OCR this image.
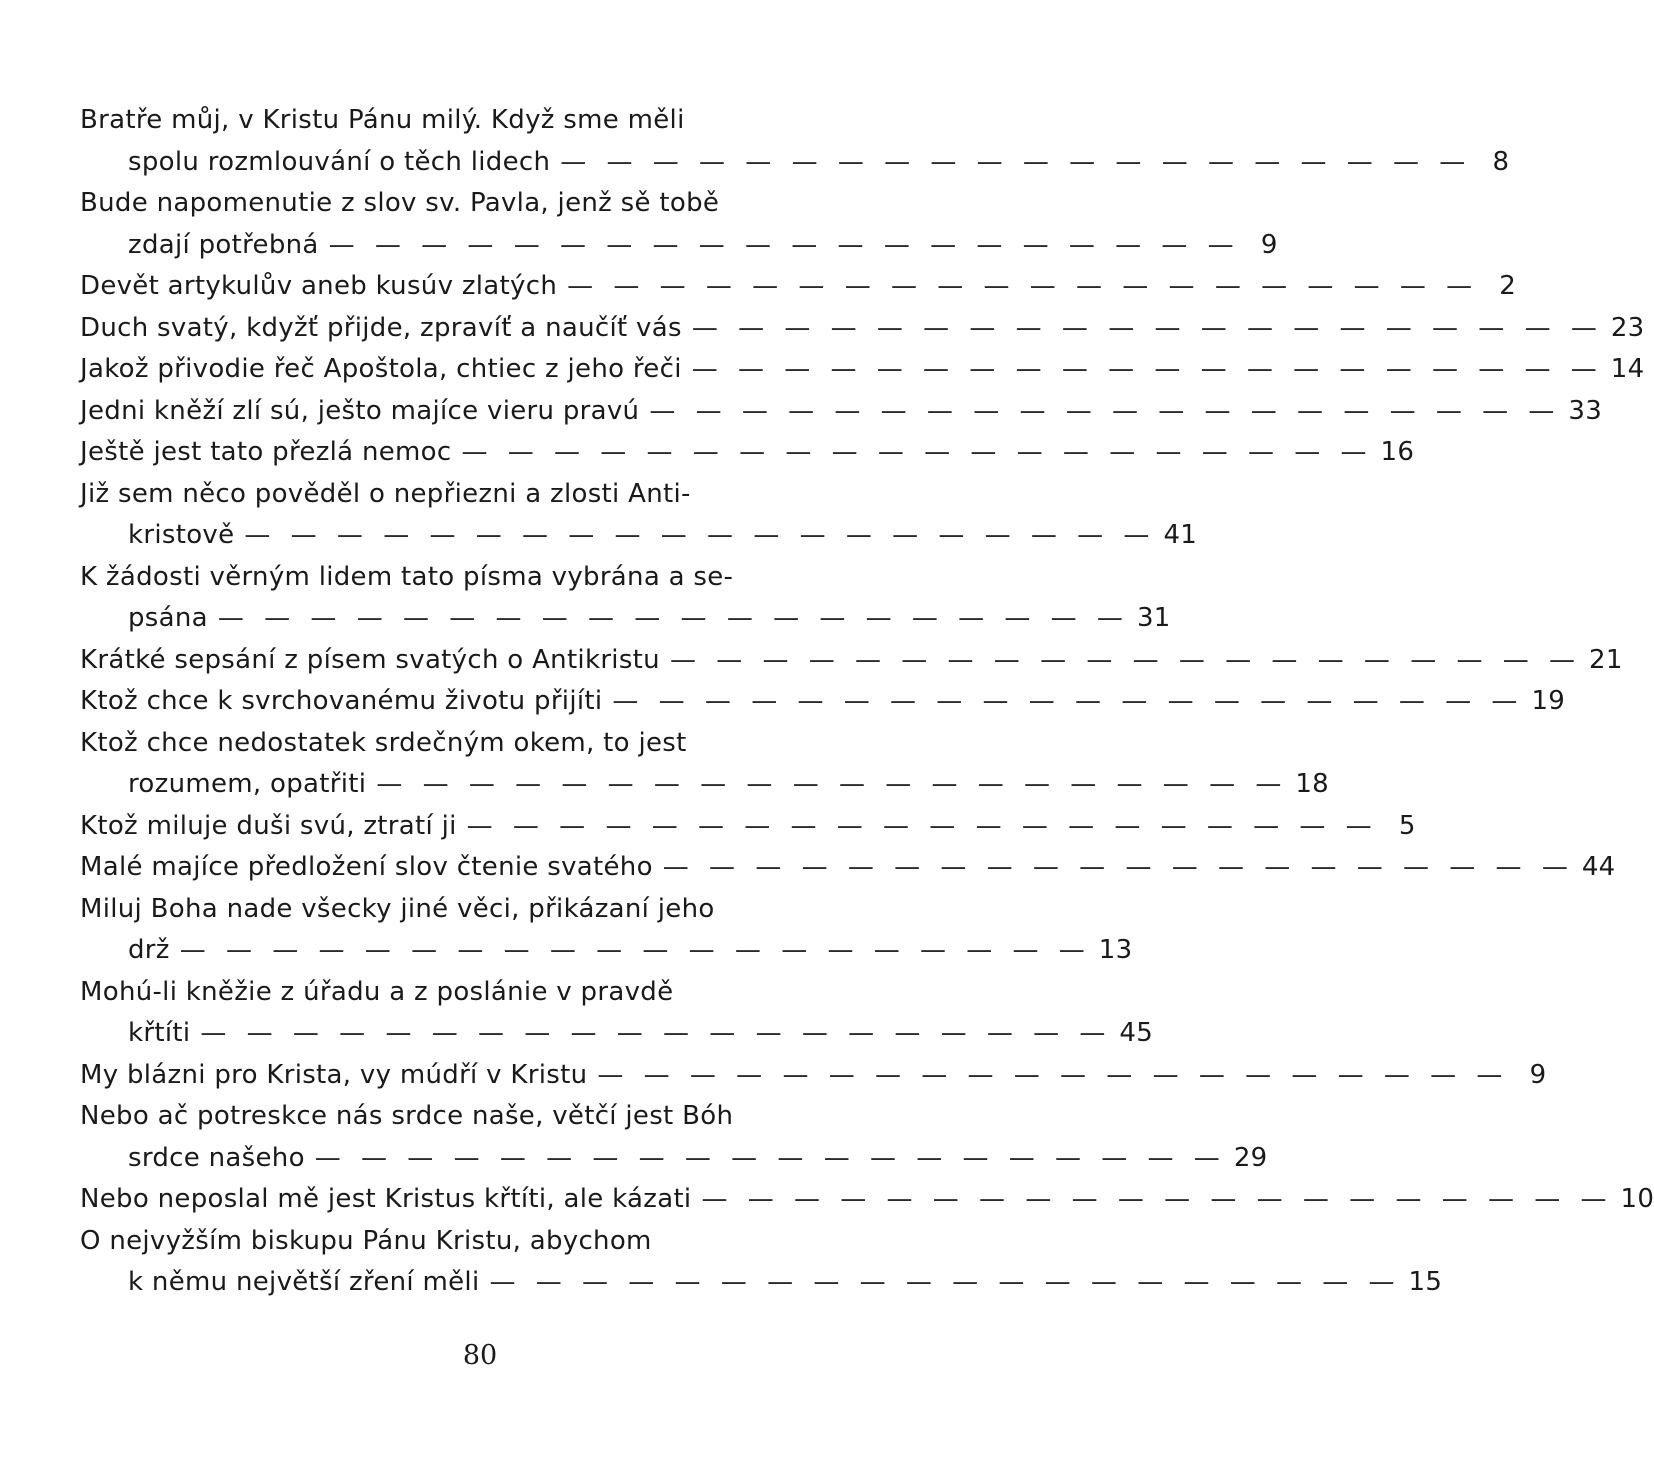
Bratře můj, v Kristu Pánu milý. Když sme měli
spolu rozmlouvání o těch lidech — — — — — — — — — — — — — — — — — — — — 8
Bude napomenutie z slov sv. Pavla, jenž sě tobě
zdají potřebná — — — — — — — — — — — — — — — — — — — — 9
Devět artykulův aneb kusúv zlatých — — — — — — — — — — — — — — — — — — — — 2
Duch svatý, kdyžť přijde, zpravíť a naučíť vás — — — — — — — — — — — — — — — — — — — — 23
Jakož přivodie řeč Apoštola, chtiec z jeho řeči — — — — — — — — — — — — — — — — — — — — 14
Jedni kněží zlí sú, ješto majíce vieru pravú — — — — — — — — — — — — — — — — — — — — 33
Ještě jest tato přezlá nemoc — — — — — — — — — — — — — — — — — — — — 16
Již sem něco pověděl o nepřiezni a zlosti Anti-
kristově — — — — — — — — — — — — — — — — — — — — 41
K žádosti věrným lidem tato písma vybrána a se-
psána — — — — — — — — — — — — — — — — — — — — 31
Krátké sepsání z písem svatých o Antikristu — — — — — — — — — — — — — — — — — — — — 21
Ktož chce k svrchovanému životu přijíti — — — — — — — — — — — — — — — — — — — — 19
Ktož chce nedostatek srdečným okem, to jest
rozumem, opatřiti — — — — — — — — — — — — — — — — — — — — 18
Ktož miluje duši svú, ztratí ji — — — — — — — — — — — — — — — — — — — — 5
Malé majíce předložení slov čtenie svatého — — — — — — — — — — — — — — — — — — — — 44
Miluj Boha nade všecky jiné věci, přikázaní jeho
drž — — — — — — — — — — — — — — — — — — — — 13
Mohú-li kněžie z úřadu a z poslánie v pravdě
křtíti — — — — — — — — — — — — — — — — — — — — 45
My blázni pro Krista, vy múdří v Kristu — — — — — — — — — — — — — — — — — — — — 9
Nebo ač potreskce nás srdce naše, větčí jest Bóh
srdce našeho — — — — — — — — — — — — — — — — — — — — 29
Nebo neposlal mě jest Kristus křtíti, ale kázati — — — — — — — — — — — — — — — — — — — — 10
O nejvyžším biskupu Pánu Kristu, abychom
k němu největší zření měli — — — — — — — — — — — — — — — — — — — — 15
80
